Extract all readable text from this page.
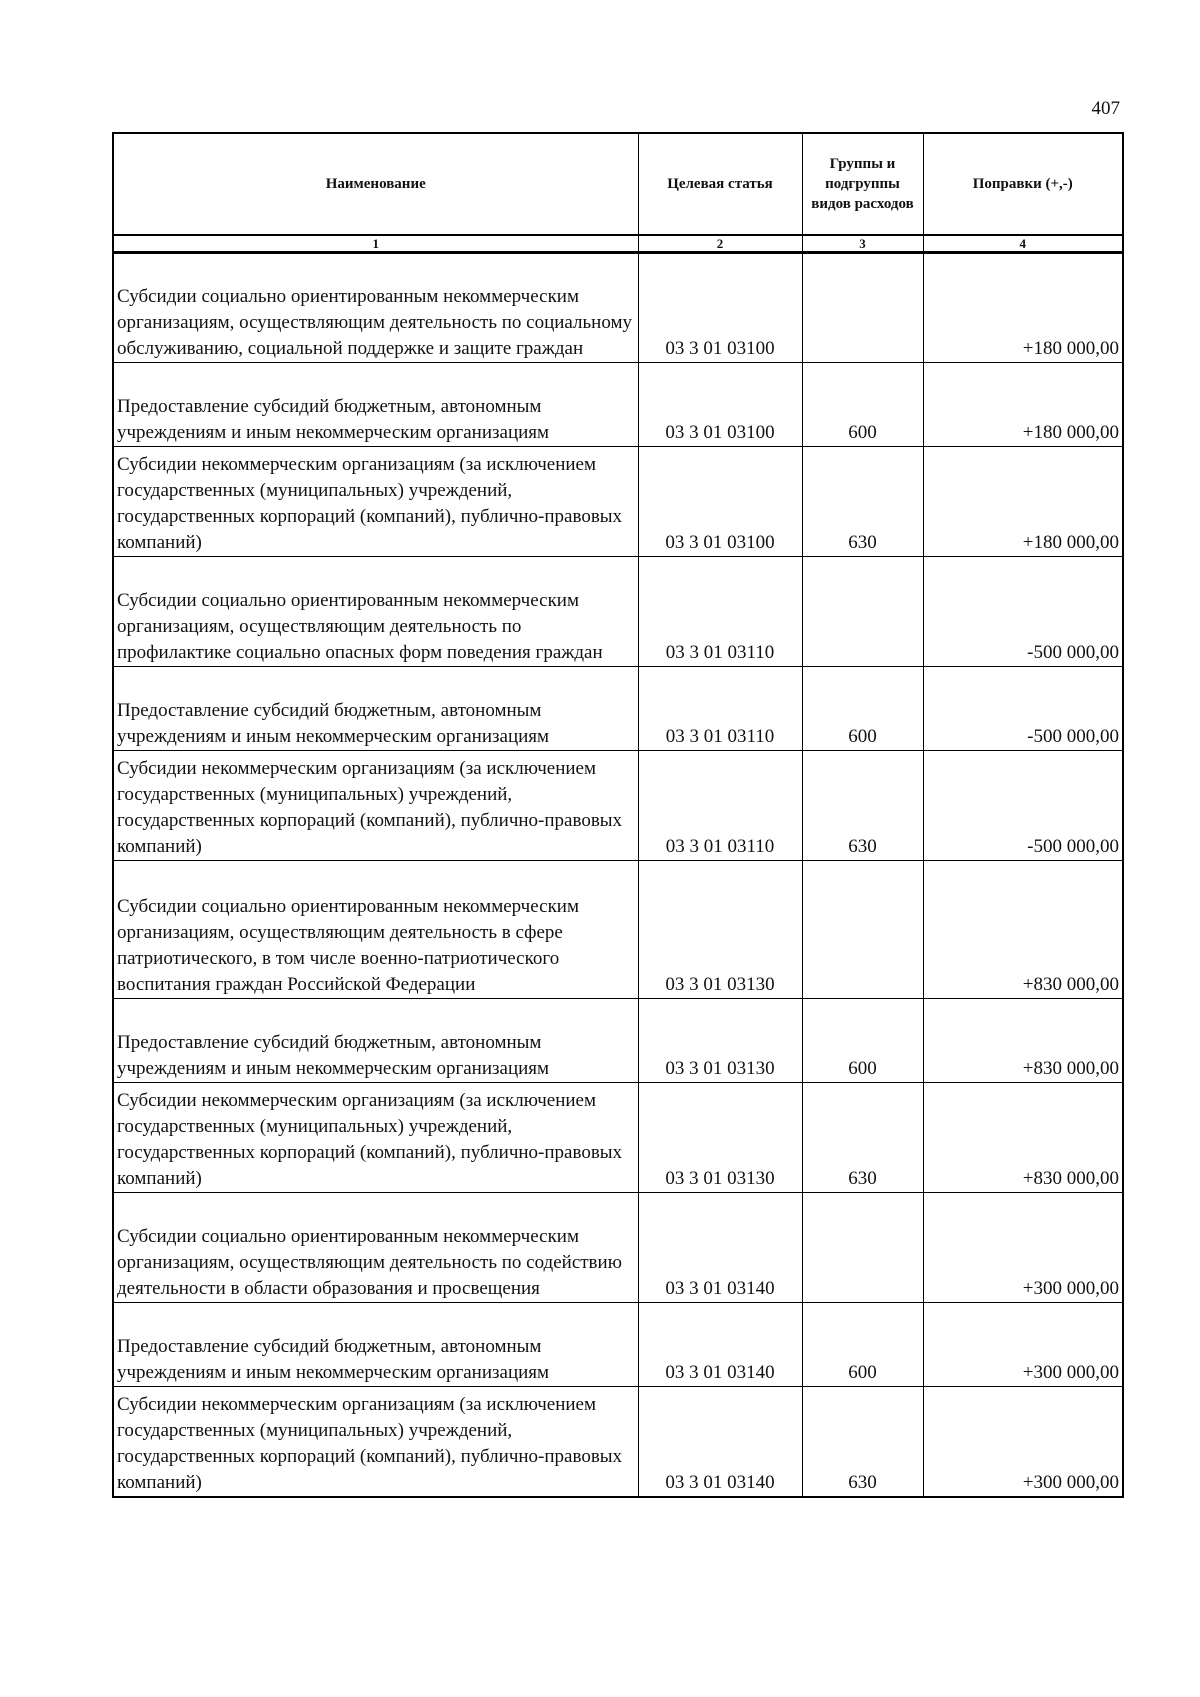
407
Наименование	Целевая статья	Группы и подгруппы видов расходов	Поправки (+,-)
1	2	3	4
Субсидии социально ориентированным некоммерческим организациям, осуществляющим деятельность по социальному обслуживанию, социальной поддержке и защите граждан	03 3 01 03100		+180 000,00
Предоставление субсидий бюджетным, автономным учреждениям и иным некоммерческим организациям	03 3 01 03100	600	+180 000,00
Субсидии некоммерческим организациям (за исключением государственных (муниципальных) учреждений, государственных корпораций (компаний), публично-правовых компаний)	03 3 01 03100	630	+180 000,00
Субсидии социально ориентированным некоммерческим организациям, осуществляющим деятельность по профилактике социально опасных форм поведения граждан	03 3 01 03110		-500 000,00
Предоставление субсидий бюджетным, автономным учреждениям и иным некоммерческим организациям	03 3 01 03110	600	-500 000,00
Субсидии некоммерческим организациям (за исключением государственных (муниципальных) учреждений, государственных корпораций (компаний), публично-правовых компаний)	03 3 01 03110	630	-500 000,00
Субсидии социально ориентированным некоммерческим организациям, осуществляющим деятельность в сфере патриотического, в том числе военно-патриотического воспитания граждан Российской Федерации	03 3 01 03130		+830 000,00
Предоставление субсидий бюджетным, автономным учреждениям и иным некоммерческим организациям	03 3 01 03130	600	+830 000,00
Субсидии некоммерческим организациям (за исключением государственных (муниципальных) учреждений, государственных корпораций (компаний), публично-правовых компаний)	03 3 01 03130	630	+830 000,00
Субсидии социально ориентированным некоммерческим организациям, осуществляющим деятельность по содействию деятельности в области образования и просвещения	03 3 01 03140		+300 000,00
Предоставление субсидий бюджетным, автономным учреждениям и иным некоммерческим организациям	03 3 01 03140	600	+300 000,00
Субсидии некоммерческим организациям (за исключением государственных (муниципальных) учреждений, государственных корпораций (компаний), публично-правовых компаний)	03 3 01 03140	630	+300 000,00
